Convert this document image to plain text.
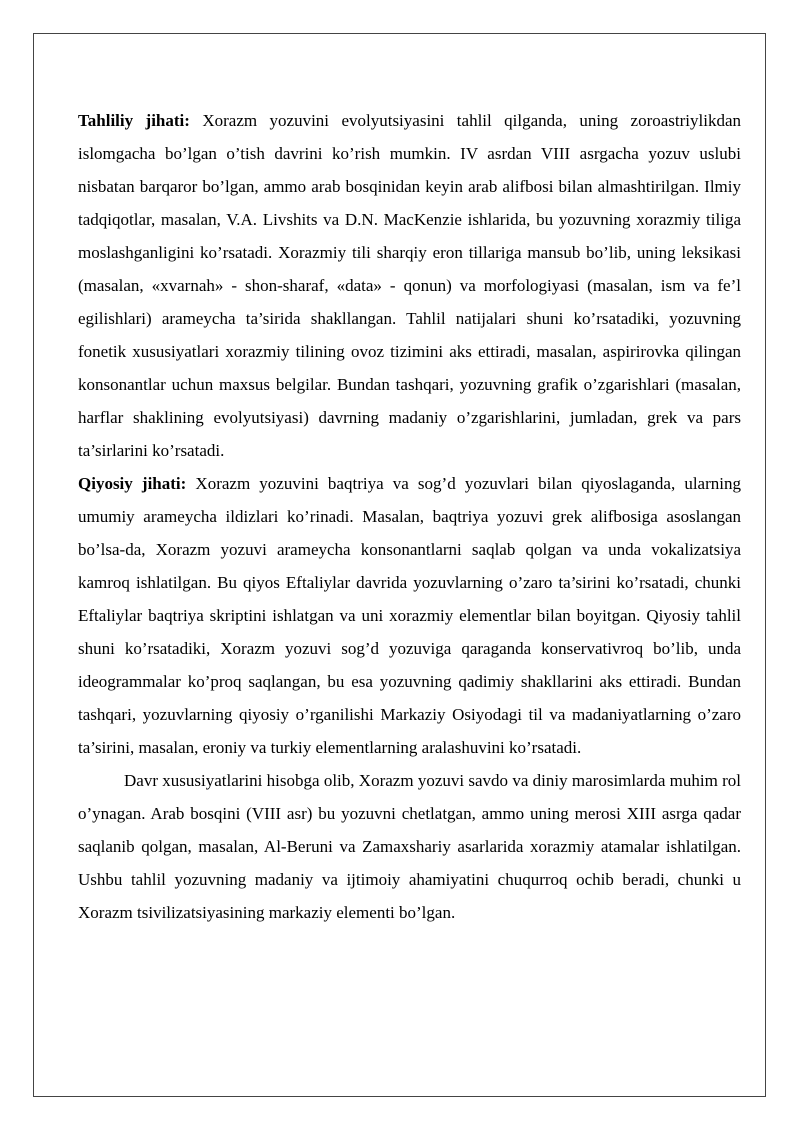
Tahliliy jihati: Xorazm yozuvini evolyutsiyasini tahlil qilganda, uning zoroastriylikdan islomgacha bo’lgan o’tish davrini ko’rish mumkin. IV asrdan VIII asrgacha yozuv uslubi nisbatan barqaror bo’lgan, ammo arab bosqinidan keyin arab alifbosi bilan almashtirilgan. Ilmiy tadqiqotlar, masalan, V.A. Livshits va D.N. MacKenzie ishlarida, bu yozuvning xorazmiy tiliga moslashganligini ko’rsatadi. Xorazmiy tili sharqiy eron tillariga mansub bo’lib, uning leksikasi (masalan, «xvarnah» - shon-sharaf, «data» - qonun) va morfologiyasi (masalan, ism va fe’l egilishlari) arameycha ta’sirida shakllangan. Tahlil natijalari shuni ko’rsatadiki, yozuvning fonetik xususiyatlari xorazmiy tilining ovoz tizimini aks ettiradi, masalan, aspirirovka qilingan konsonantlar uchun maxsus belgilar. Bundan tashqari, yozuvning grafik o’zgarishlari (masalan, harflar shaklining evolyutsiyasi) davrning madaniy o’zgarishlarini, jumladan, grek va pars ta’sirlarini ko’rsatadi.

Qiyosiy jihati: Xorazm yozuvini baqtriya va sog’d yozuvlari bilan qiyoslaganda, ularning umumiy arameycha ildizlari ko’rinadi. Masalan, baqtriya yozuvi grek alifbosiga asoslangan bo’lsa-da, Xorazm yozuvi arameycha konsonantlarni saqlab qolgan va unda vokalizatsiya kamroq ishlatilgan. Bu qiyos Eftaliylar davrida yozuvlarning o’zaro ta’sirini ko’rsatadi, chunki Eftaliylar baqtriya skriptini ishlatgan va uni xorazmiy elementlar bilan boyitgan. Qiyosiy tahlil shuni ko’rsatadiki, Xorazm yozuvi sog’d yozuviga qaraganda konservativroq bo’lib, unda ideogrammalar ko’proq saqlangan, bu esa yozuvning qadimiy shakllarini aks ettiradi. Bundan tashqari, yozuvlarning qiyosiy o’rganilishi Markaziy Osiyodagi til va madaniyatlarning o’zaro ta’sirini, masalan, eroniy va turkiy elementlarning aralashuvini ko’rsatadi.

Davr xususiyatlarini hisobga olib, Xorazm yozuvi savdo va diniy marosimlarda muhim rol o’ynagan. Arab bosqini (VIII asr) bu yozuvni chetlatgan, ammo uning merosi XIII asrga qadar saqlanib qolgan, masalan, Al-Beruni va Zamaxshariy asarlarida xorazmiy atamalar ishlatilgan. Ushbu tahlil yozuvning madaniy va ijtimoiy ahamiyatini chuqurroq ochib beradi, chunki u Xorazm tsivilizatsiyasining markaziy elementi bo’lgan.
